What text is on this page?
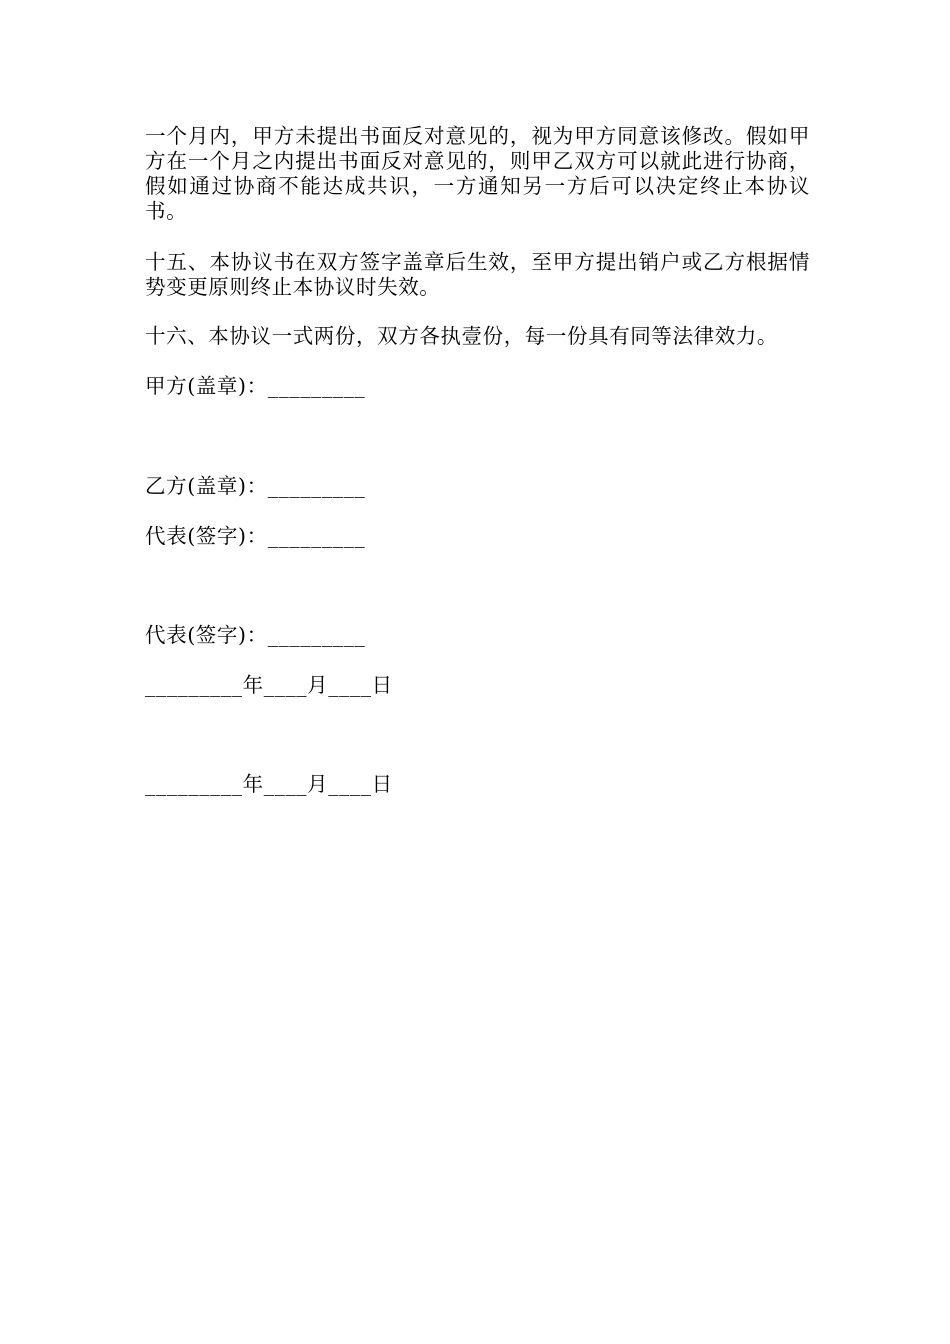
一个月内，甲方未提出书面反对意见的，视为甲方同意该修改。假如甲方在一个月之内提出书面反对意见的，则甲乙双方可以就此进行协商，假如通过协商不能达成共识，一方通知另一方后可以决定终止本协议书。

十五、本协议书在双方签字盖章后生效，至甲方提出销户或乙方根据情势变更原则终止本协议时失效。

十六、本协议一式两份，双方各执壹份，每一份具有同等法律效力。

甲方(盖章)：_________

乙方(盖章)：_________

代表(签字)：_________

代表(签字)：_________

_________年____月____日

_________年____月____日
